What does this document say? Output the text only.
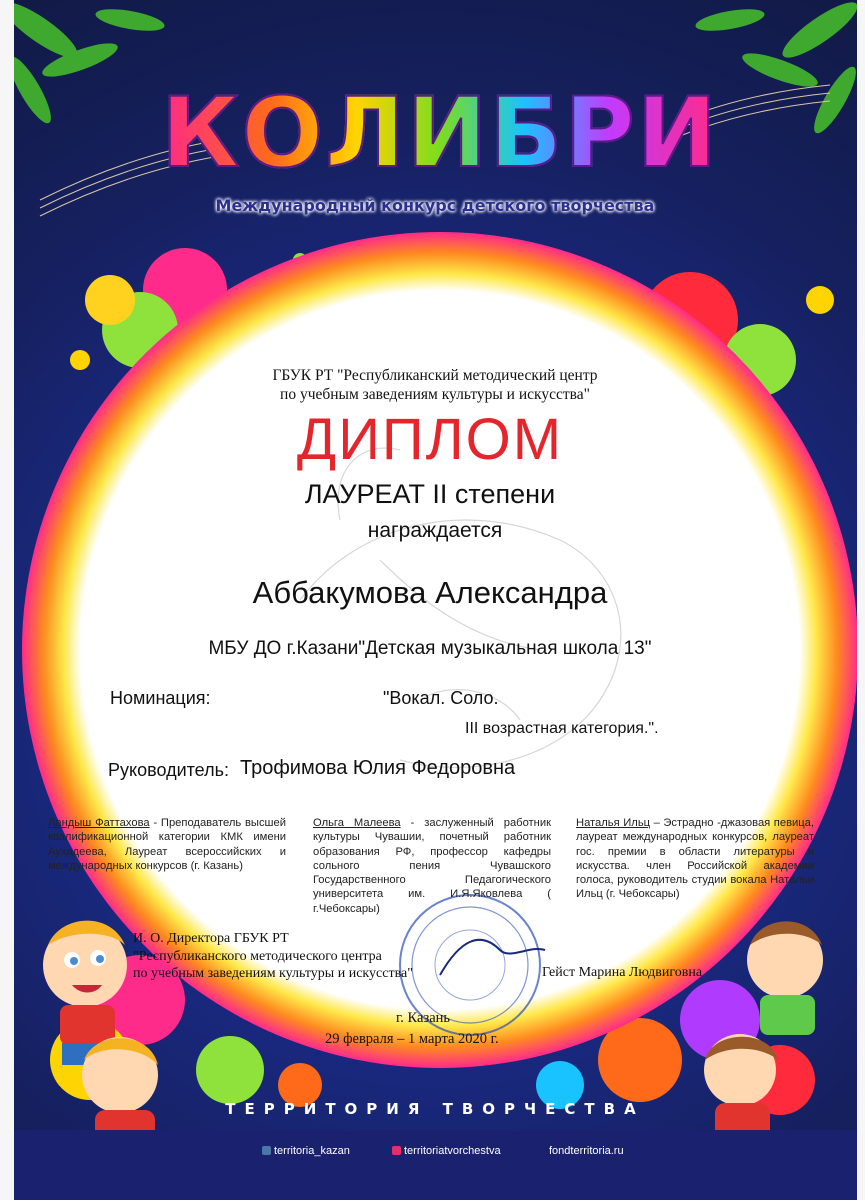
КОЛИБРИ
Международный конкурс детского творчества
ГБУК РТ "Республиканский методический центр
по учебным заведениям культуры и искусства"
ДИПЛОМ
ЛАУРЕАТ II степени
награждается
Аббакумова Александра
МБУ ДО г.Казани"Детская музыкальная школа 13"
Номинация:	"Вокал. Соло.
III возрастная категория.".
Руководитель: Трофимова Юлия Федоровна
Ландыш Фаттахова - Преподаватель высшей квалификационной категории КМК имени Аухадеева, Лауреат всероссийских и международных конкурсов (г. Казань)
Ольга Малеева - заслуженный работник культуры Чувашии, почетный работник образования РФ, профессор кафедры сольного пения Чувашского Государственного Педагогического университета им. И.Я.Яковлева ( г.Чебоксары)
Наталья Ильц – Эстрадно -джазовая певица, лауреат международных конкурсов, лауреат гос. премии в области литературы и искусства. член Российской академии голоса, руководитель студии вокала Натальи Ильц (г. Чебоксары)
И. О. Директора ГБУК РТ
"Республиканского методического центра
по учебным заведениям культуры и искусства"	Гейст Марина Людвиговна
г. Казань
29 февраля – 1 марта 2020 г.
ТЕРРИТОРИЯ ТВОРЧЕСТВА
territoria_kazan	territoriatvorchestva	fondterritoria.ru
